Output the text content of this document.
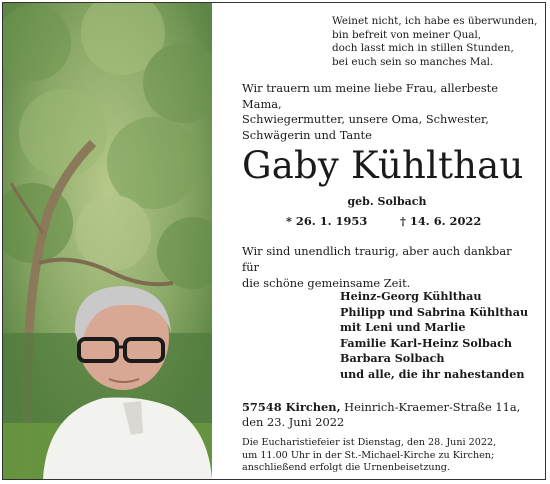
Weinet nicht, ich habe es überwunden,
bin befreit von meiner Qual,
doch lasst mich in stillen Stunden,
bei euch sein so manches Mal.
Wir trauern um meine liebe Frau, allerbeste Mama,
Schwiegermutter, unsere Oma, Schwester,
Schwägerin und Tante
Gaby Kühlthau
geb. Solbach
* 26. 1. 1953	† 14. 6. 2022
Wir sind unendlich traurig, aber auch dankbar für
die schöne gemeinsame Zeit.
Heinz-Georg Kühlthau
Philipp und Sabrina Kühlthau
mit Leni und Marlie
Familie Karl-Heinz Solbach
Barbara Solbach
und alle, die ihr nahestanden
57548 Kirchen, Heinrich-Kraemer-Straße 11a,
den 23. Juni 2022
Die Eucharistiefeier ist Dienstag, den 28. Juni 2022,
um 11.00 Uhr in der St.-Michael-Kirche zu Kirchen;
anschließend erfolgt die Urnenbeisetzung.
